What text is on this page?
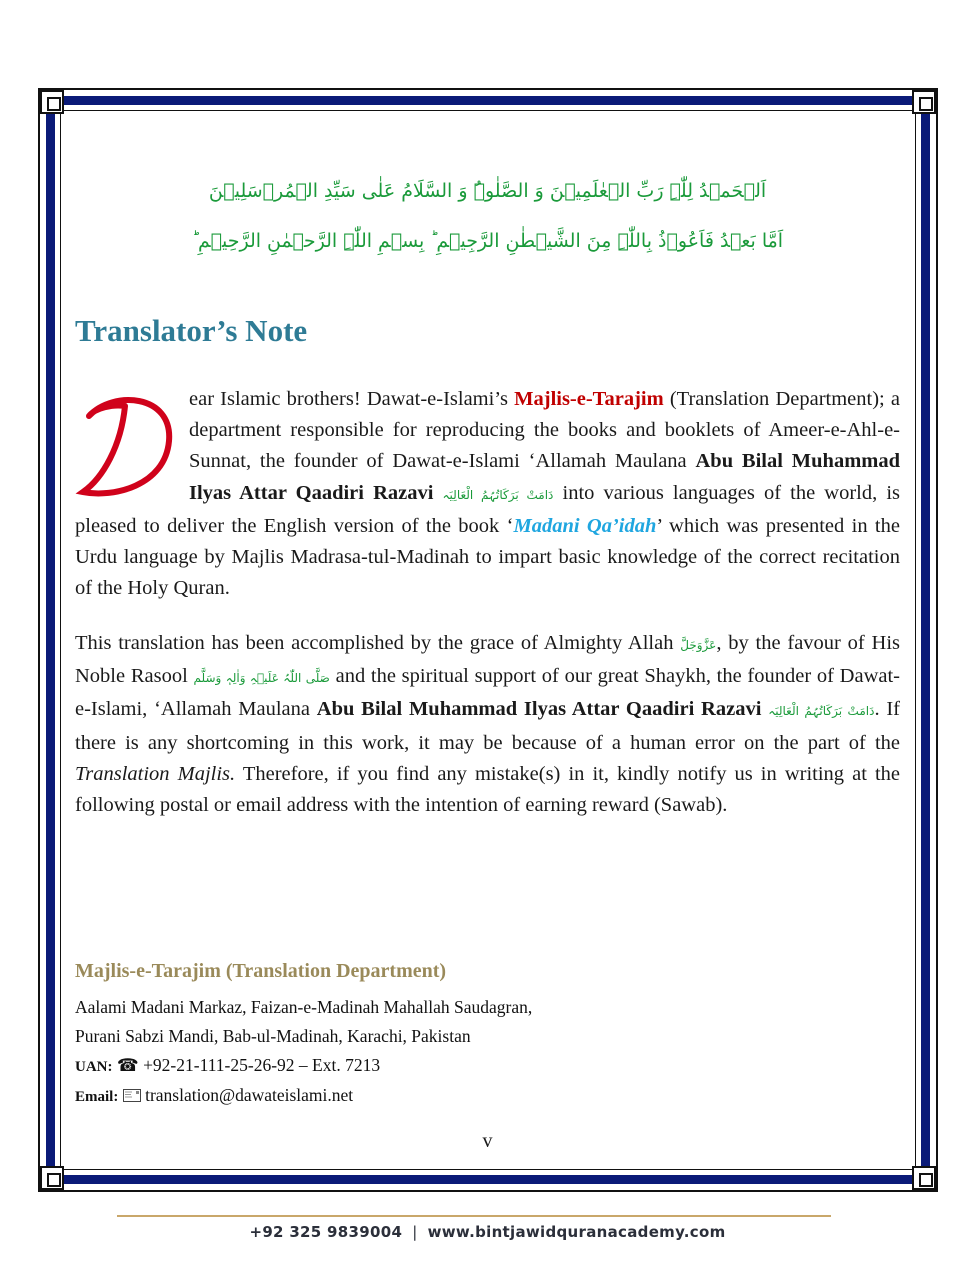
اَلۡحَمۡدُ لِلّٰہِ رَبِّ الۡعٰلَمِیۡنَ وَ الصَّلٰوۃُ وَ السَّلَامُ عَلٰی سَیِّدِ الۡمُرۡسَلِیۡنَ
اَمَّا بَعۡدُ فَاَعُوۡذُ بِاللّٰہِ مِنَ الشَّیۡطٰنِ الرَّجِیۡمِ ؕ بِسۡمِ اللّٰہِ الرَّحۡمٰنِ الرَّحِیۡمِ ؕ
Translator’s Note

ear Islamic brothers! Dawat-e-Islami’s Majlis-e-Tarajim (Translation Department); a department responsible for reproducing the books and booklets of Ameer-e-Ahl-e-Sunnat, the founder of Dawat-e-Islami ‘Allamah Maulana Abu Bilal Muhammad Ilyas Attar Qaadiri Razavi دَامَتْ بَرَکَاتُہُمُ الْعَالِیَہ into various languages of the world, is pleased to deliver the English version of the book ‘Madani Qa’idah’ which was presented in the Urdu language by Majlis Madrasa-tul-Madinah to impart basic knowledge of the correct recitation of the Holy Quran.

This translation has been accomplished by the grace of Almighty Allah عَزَّوَجَلَّ, by the favour of His Noble Rasool صَلَّی اللّٰہُ عَلَیۡہِ وَاٰلِہٖ وَسَلَّم and the spiritual support of our great Shaykh, the founder of Dawat-e-Islami, ‘Allamah Maulana Abu Bilal Muhammad Ilyas Attar Qaadiri Razavi دَامَتْ بَرَکَاتُہُمُ الْعَالِیَہ. If there is any shortcoming in this work, it may be because of a human error on the part of the Translation Majlis. Therefore, if you find any mistake(s) in it, kindly notify us in writing at the following postal or email address with the intention of earning reward (Sawab).

Majlis-e-Tarajim (Translation Department)
Aalami Madani Markaz, Faizan-e-Madinah Mahallah Saudagran,
Purani Sabzi Mandi, Bab-ul-Madinah, Karachi, Pakistan
UAN: ☎ +92-21-111-25-26-92 – Ext. 7213
Email: translation@dawateislami.net
v
+92 325 9839004 | www.bintjawidquranacademy.com
